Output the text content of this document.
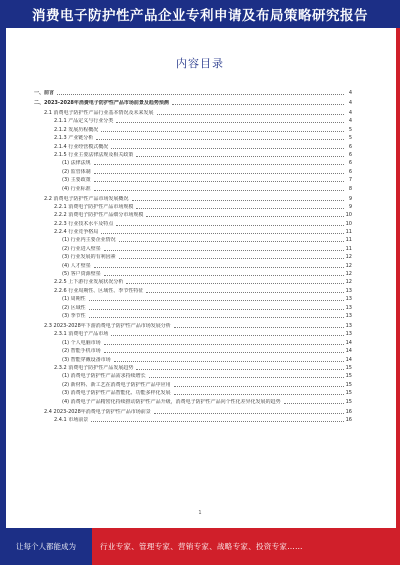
消费电子防护性产品企业专利申请及布局策略研究报告
内容目录
一、前言	4
二、2023-2028年消费电子防护性产品市场前景及趋势预测	4
2.1 消费电子防护性产品行业基本情况及未来发展	4
2.1.1 产品定义与行业分类	4
2.1.2 发展历程概况	5
2.1.3 产业链分析	5
2.1.4 行业经营模式概况	6
2.1.5 行业主要法律法规及相关政策	6
(1) 法律法规	6
(2) 监管体制	6
(3) 主要政策	7
(4) 行业标准	8
2.2 消费电子防护性产品市场发展概况	9
2.2.1 消费电子防护性产品市场规模	9
2.2.2 消费电子防护性产品细分市场规模	10
2.2.3 行业技术水平及特点	10
2.2.4 行业竞争格局	11
(1) 行业内主要企业情况	11
(2) 行业进入壁垒	11
(3) 行业发展的有利因素	12
(4) 人才壁垒	12
(5) 客户资源壁垒	12
2.2.5 上下游行业发展状况分析	12
2.2.6 行业周期性、区域性、季节性特征	13
(1) 周期性	13
(2) 区域性	13
(3) 季节性	13
2.3 2023-2028年下游消费电子防护性产品市场发展分析	13
2.3.1 消费电子产品市场	13
(1) 个人电脑市场	14
(2) 智能手机市场	14
(3) 智能穿戴设备市场	14
2.3.2 消费电子防护性产品发展趋势	15
(1) 消费电子防护性产品需求持续增长	15
(2) 新材料、新工艺在消费电子防护性产品中应用	15
(3) 消费电子防护性产品智能化、功能多样化发展	15
(4) 消费电子产品精密化持续推动防护性产品升级，消费电子防护性产品向个性化差异化发展的趋势	15
2.4 2023-2028年消费电子防护性产品市场前景	16
2.4.1 市场前景	16
1
让每个人都能成为	行业专家、管理专家、营销专家、战略专家、投资专家……
